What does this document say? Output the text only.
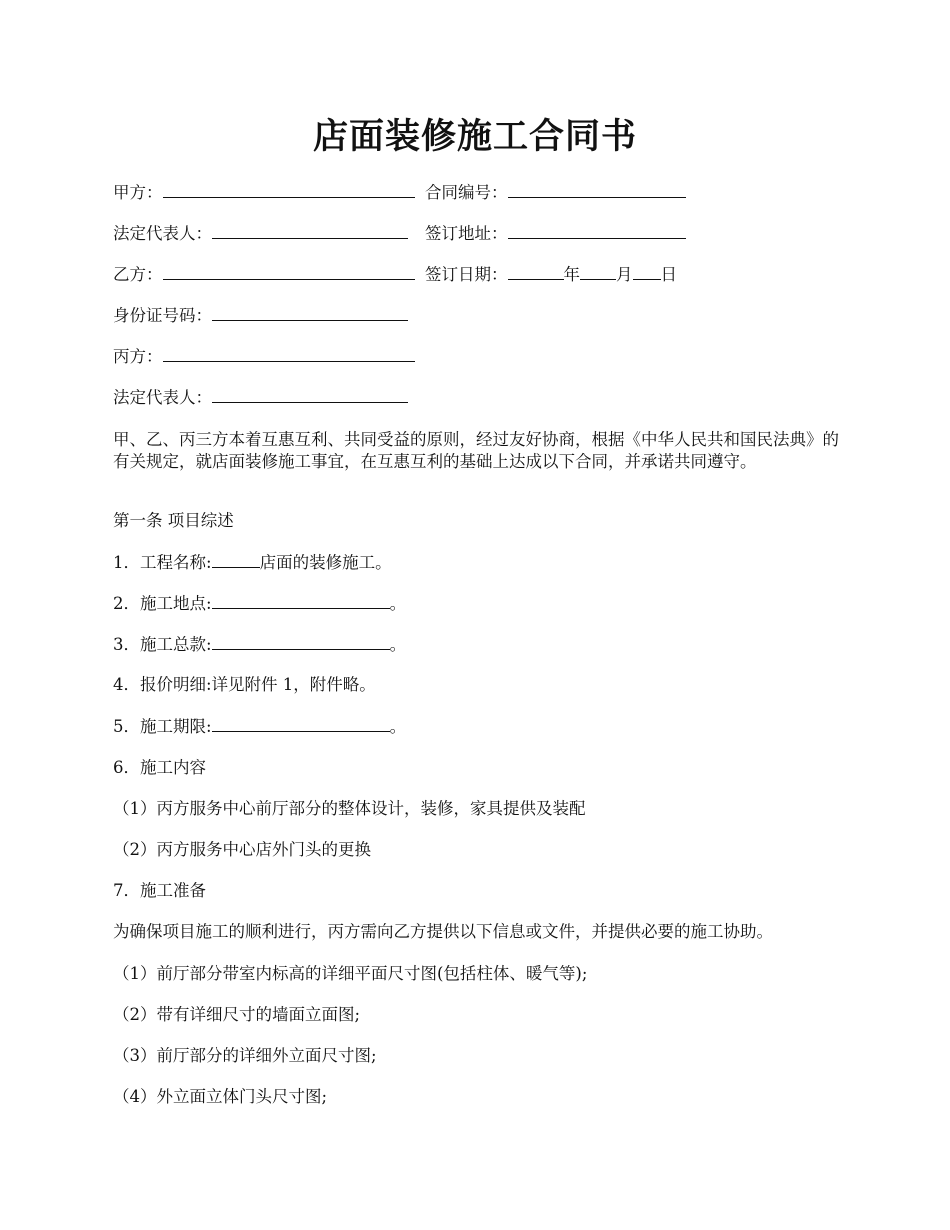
店面装修施工合同书
甲方：	合同编号：
法定代表人：	签订地址：
乙方：	签订日期：	年 月 日
身份证号码：
丙方：
法定代表人：
甲、乙、丙三方本着互惠互利、共同受益的原则，经过友好协商，根据《中华人民共和国民法典》的有关规定，就店面装修施工事宜，在互惠互利的基础上达成以下合同，并承诺共同遵守。
第一条 项目综述
1．工程名称:	店面的装修施工。
2．施工地点:	。
3．施工总款:	。
4．报价明细:详见附件 1，附件略。
5．施工期限:	。
6．施工内容
（1）丙方服务中心前厅部分的整体设计，装修，家具提供及装配
（2）丙方服务中心店外门头的更换
7．施工准备
为确保项目施工的顺利进行，丙方需向乙方提供以下信息或文件，并提供必要的施工协助。
（1）前厅部分带室内标高的详细平面尺寸图(包括柱体、暖气等);
（2）带有详细尺寸的墙面立面图;
（3）前厅部分的详细外立面尺寸图;
（4）外立面立体门头尺寸图;
